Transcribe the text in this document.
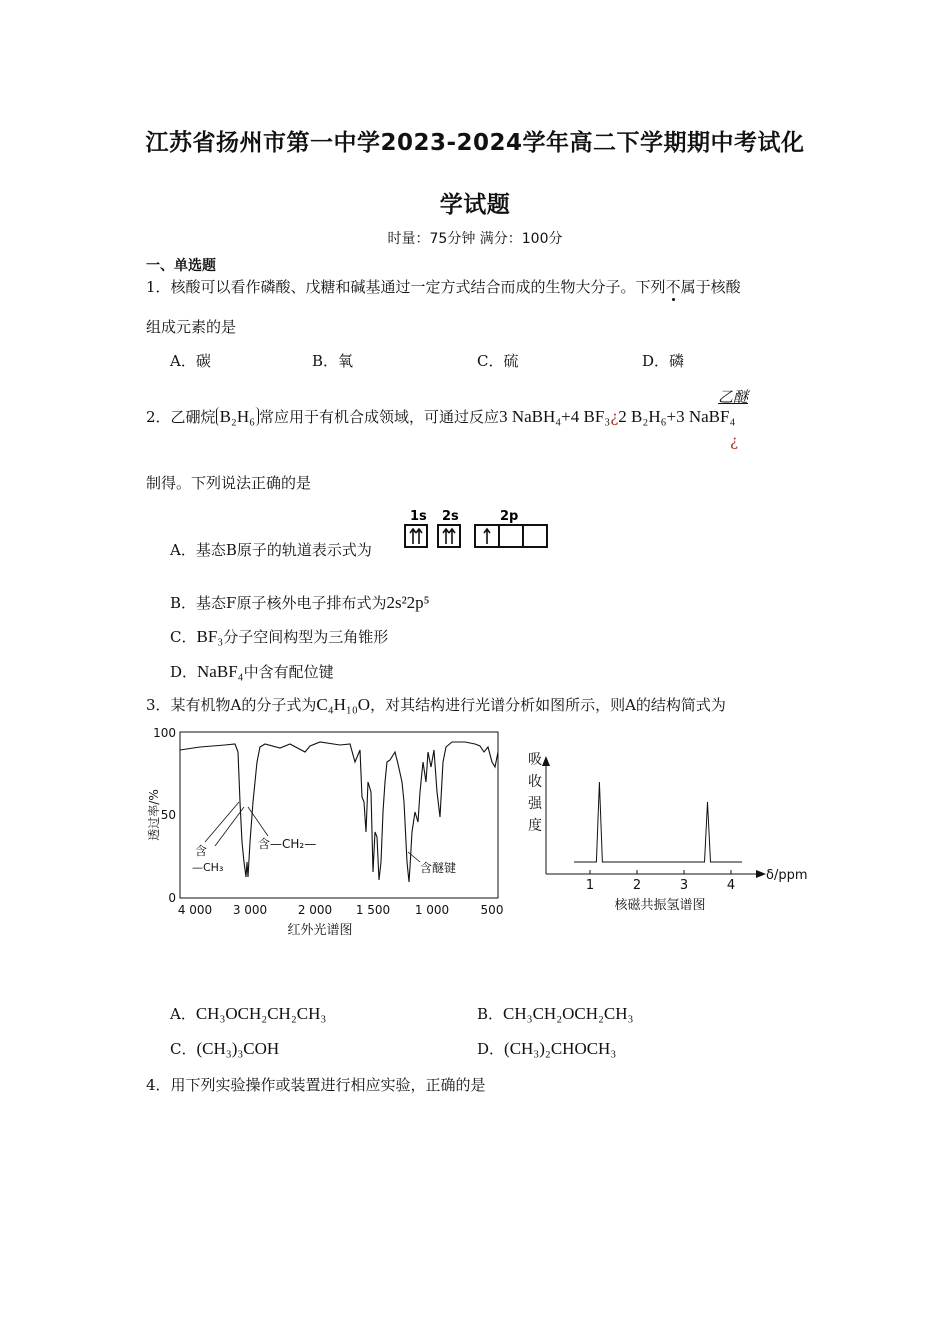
江苏省扬州市第一中学2023-2024学年高二下学期期中考试化
学试题
时量：75分钟 满分：100分
一、单选题
1．核酸可以看作磷酸、戊糖和碱基通过一定方式结合而成的生物大分子。下列不属于核酸
组成元素的是
A．碳	B．氧	C．硫	D．磷
乙醚
2．乙硼烷 B₂H₆ 常应用于有机合成领域，可通过反应3 NaBH₄+4 BF₃¿2 B₂H₆+3 NaBF₄
¿
制得。下列说法正确的是
A．基态B原子的轨道表示式为
1s 2s	2p
B．基态F原子核外电子排布式为2s²2p⁵
C．BF₃分子空间构型为三角锥形
D．NaBF₄中含有配位键
3．某有机物A的分子式为C₄H₁₀O，对其结构进行光谱分析如图所示，则A的结构简式为
100
50
0
4 000 3 000	2 000 1 500 1 000	500
红外光谱图
透过率/%
含
—CH₃
含—CH₂—
含醚键
吸
收
强
度
1	2	3	4
δ/ppm
核磁共振氢谱图
A．CH₃OCH₂CH₂CH₃	B．CH₃CH₂OCH₂CH₃
C．(CH₃)₃COH	D．(CH₃)₂CHOCH₃
4．用下列实验操作或装置进行相应实验，正确的是
